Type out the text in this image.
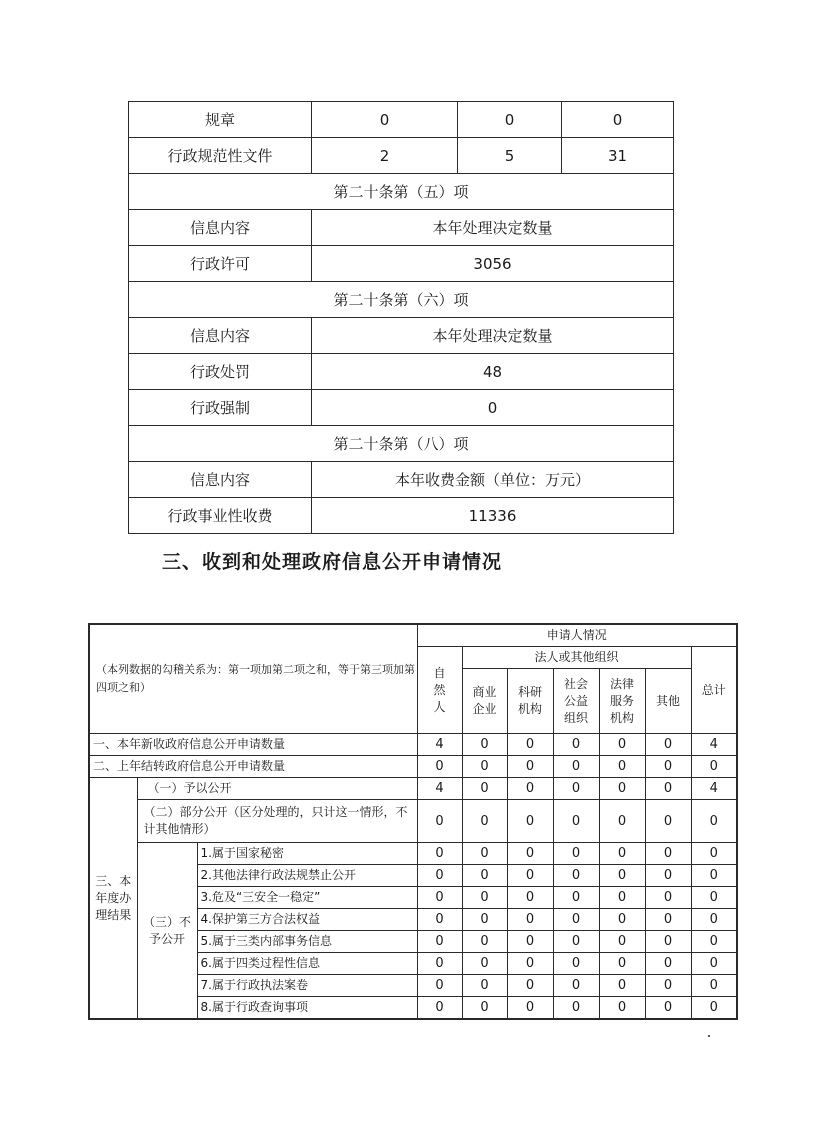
规章	0	0	0
行政规范性文件	2	5	31
第二十条第（五）项			
信息内容	本年处理决定数量		
行政许可	3056		
第二十条第（六）项			
信息内容	本年处理决定数量		
行政处罚	48		
行政强制	0		
第二十条第（八）项			
信息内容	本年收费金额（单位：万元）		
行政事业性收费	11336		
三、收到和处理政府信息公开申请情况
（本列数据的勾稽关系为：第一项加第二项之和，等于第三项加第四项之和）			申请人情况						
			自然人	法人或其他组织					总计
				商业企业	科研机构	社会公益组织	法律服务机构	其他	
一、本年新收政府信息公开申请数量			4	0	0	0	0	0	4
二、上年结转政府信息公开申请数量			0	0	0	0	0	0	0
三、本年度办理结果	（一）予以公开		4	0	0	0	0	0	4
	（二）部分公开（区分处理的，只计这一情形，不计其他情形）		0	0	0	0	0	0	0
	（三）不予公开	1.属于国家秘密	0	0	0	0	0	0	0
		2.其他法律行政法规禁止公开	0	0	0	0	0	0	0
		3.危及“三安全一稳定”	0	0	0	0	0	0	0
		4.保护第三方合法权益	0	0	0	0	0	0	0
		5.属于三类内部事务信息	0	0	0	0	0	0	0
		6.属于四类过程性信息	0	0	0	0	0	0	0
		7.属于行政执法案卷	0	0	0	0	0	0	0
		8.属于行政查询事项	0	0	0	0	0	0	0
